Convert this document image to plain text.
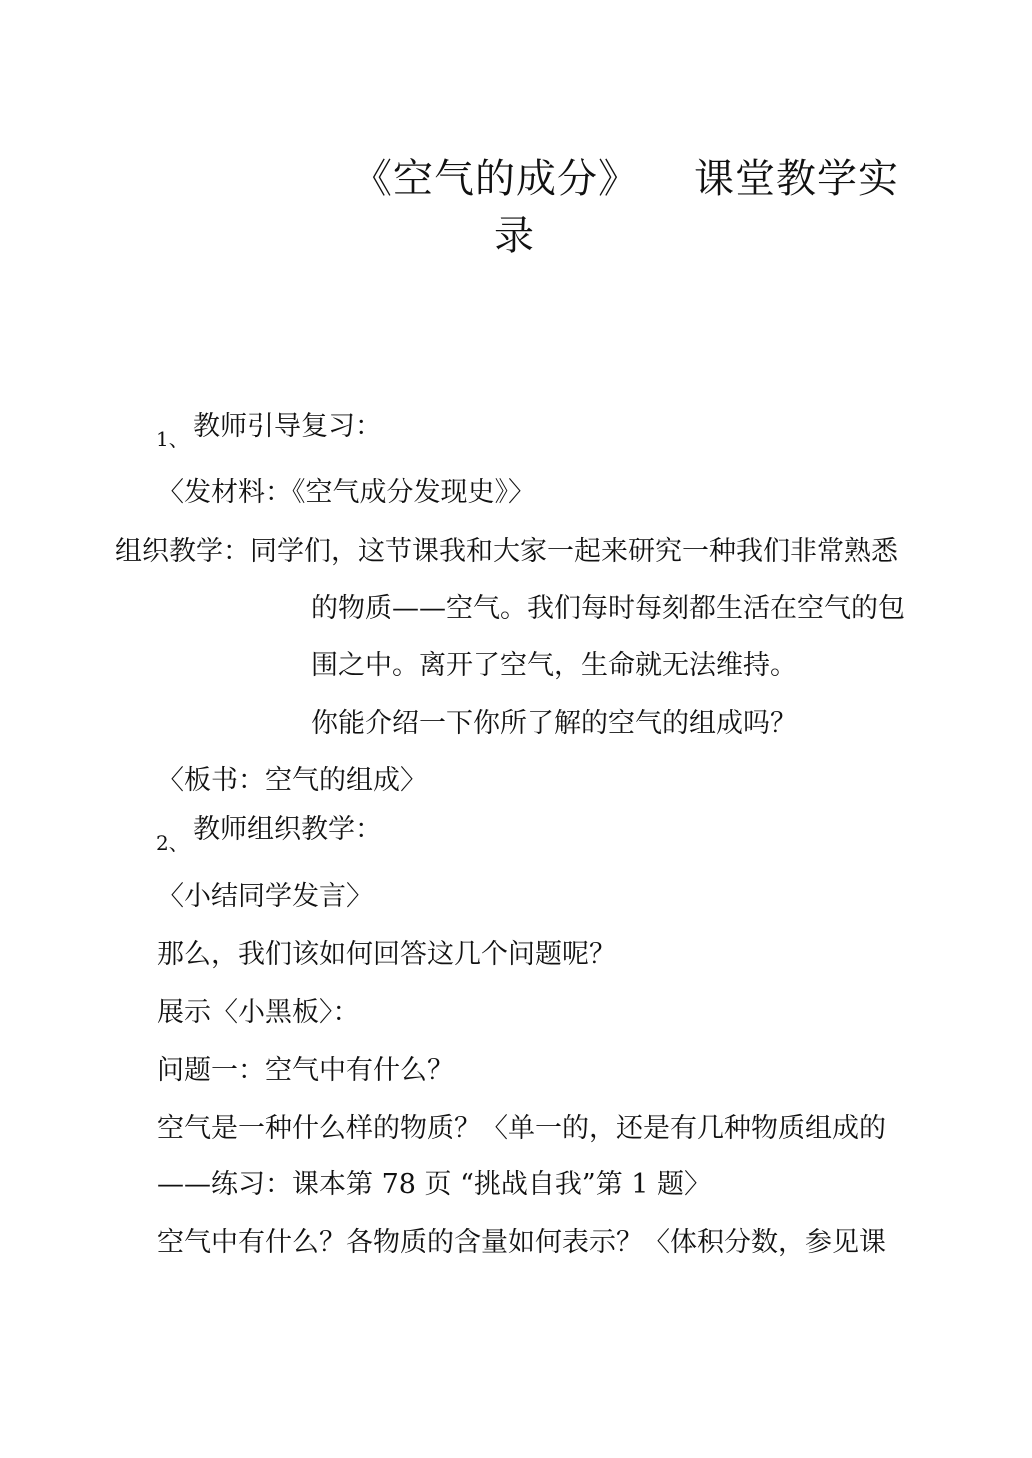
《空气的成分》 课堂教学实
录
1、 教师引导复习：
〈发材料：《空气成分发现史》〉
组织教学：同学们，这节课我和大家一起来研究一种我们非常熟悉
的物质——空气。我们每时每刻都生活在空气的包
围之中。离开了空气，生命就无法维持。
你能介绍一下你所了解的空气的组成吗？
〈板书：空气的组成〉
2、 教师组织教学：
〈小结同学发言〉
那么，我们该如何回答这几个问题呢？
展示〈小黑板〉：
问题一：空气中有什么？
空气是一种什么样的物质？〈单一的，还是有几种物质组成的
——练习：课本第 78 页 “挑战自我”第 1 题〉
空气中有什么？各物质的含量如何表示？〈体积分数，参见课
